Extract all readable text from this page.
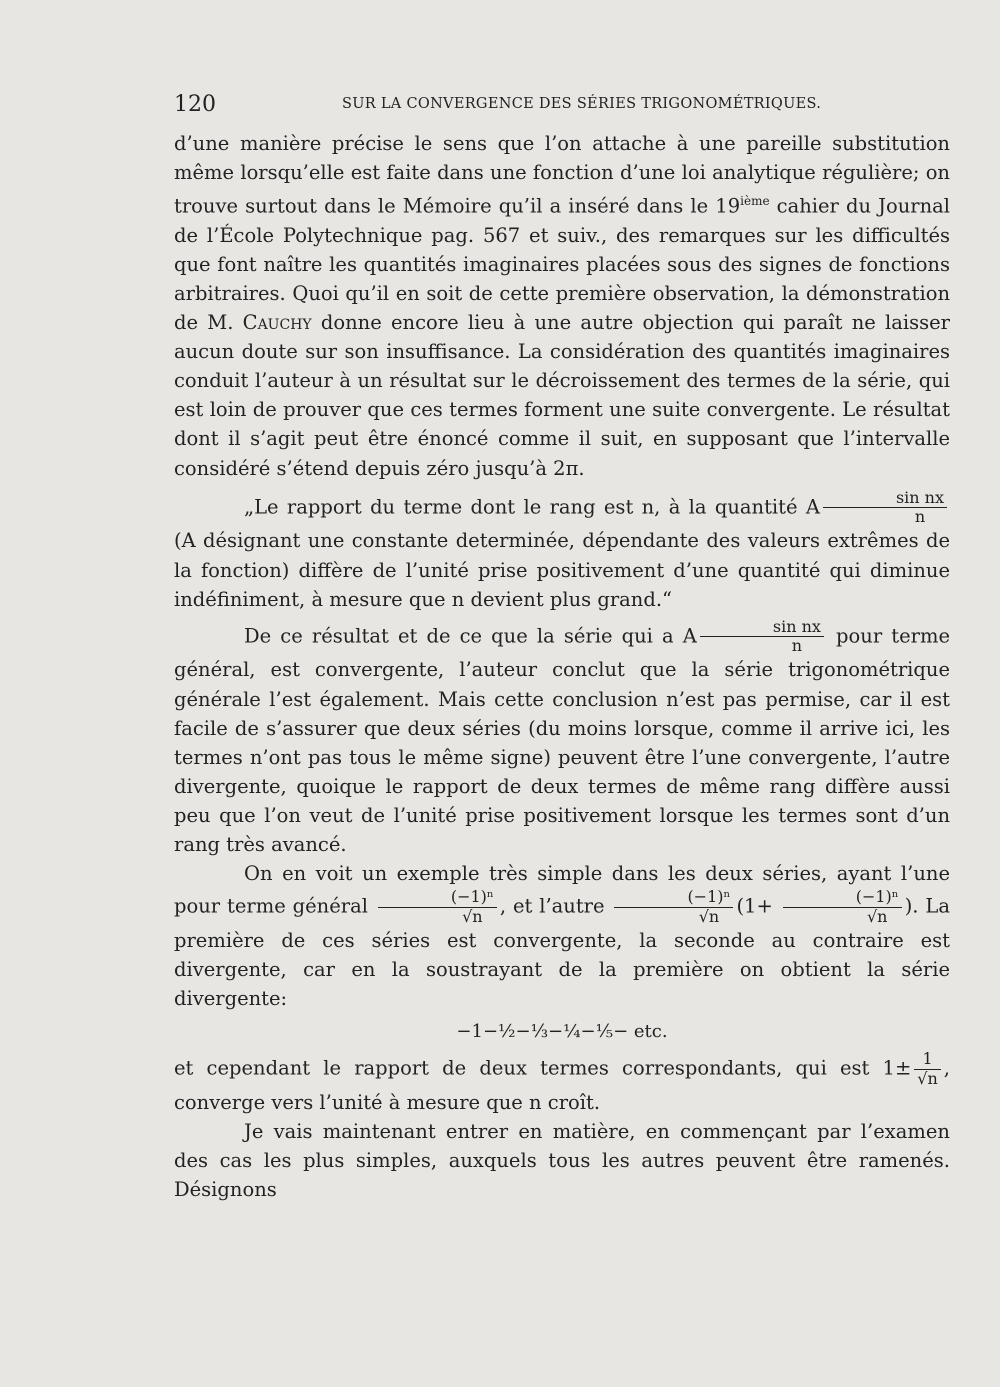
120	SUR LA CONVERGENCE DES SÉRIES TRIGONOMÉTRIQUES.

d’une manière précise le sens que l’on attache à une pareille substitution même lorsqu’elle est faite dans une fonction d’une loi analytique régulière; on trouve surtout dans le Mémoire qu’il a inséré dans le 19ième cahier du Journal de l’École Polytechnique pag. 567 et suiv., des remarques sur les difficultés que font naître les quantités imaginaires placées sous des signes de fonctions arbitraires. Quoi qu’il en soit de cette première observation, la démonstration de M. Cauchy donne encore lieu à une autre objection qui paraît ne laisser aucun doute sur son insuffisance. La considération des quantités imaginaires conduit l’auteur à un résultat sur le décroissement des termes de la série, qui est loin de prouver que ces termes forment une suite convergente. Le résultat dont il s’agit peut être énoncé comme il suit, en supposant que l’intervalle considéré s’étend depuis zéro jusqu’à 2π.

„Le rapport du terme dont le rang est n, à la quantité A $\frac{\text{sin nx}}{n}$
(A désignant une constante determinée, dépendante des valeurs extrêmes de la fonction) diffère de l’unité prise positivement d’une quantité qui diminue indéfiniment, à mesure que n devient plus grand.“

De ce résultat et de ce que la série qui a A $\frac{\text{sin nx}}{n}$ pour terme général, est convergente, l’auteur conclut que la série trigonométrique générale l’est également. Mais cette conclusion n’est pas permise, car il est facile de s’assurer que deux séries (du moins lorsque, comme il arrive ici, les termes n’ont pas tous le même signe) peuvent être l’une convergente, l’autre divergente, quoique le rapport de deux termes de même rang diffère aussi peu que l’on veut de l’unité prise positivement lorsque les termes sont d’un rang très avancé.

On en voit un exemple très simple dans les deux séries, ayant l’une pour terme général $\frac{\text{(−1)ⁿ}}{√n}$ , et l’autre $\frac{\text{(−1)ⁿ}}{√n} (1+ \frac{\text{(−1)ⁿ}}{√n}$ ). La première de ces séries est convergente, la seconde au contraire est divergente, car en la soustrayant de la première on obtient la série divergente:

−1−½−⅓−¼−⅕− etc.

et cependant le rapport de deux termes correspondants, qui est $1\pm \frac{1}{√n}$ , converge vers l’unité à mesure que n croît.

Je vais maintenant entrer en matière, en commençant par l’examen des cas les plus simples, auxquels tous les autres peuvent être ramenés. Désignons
